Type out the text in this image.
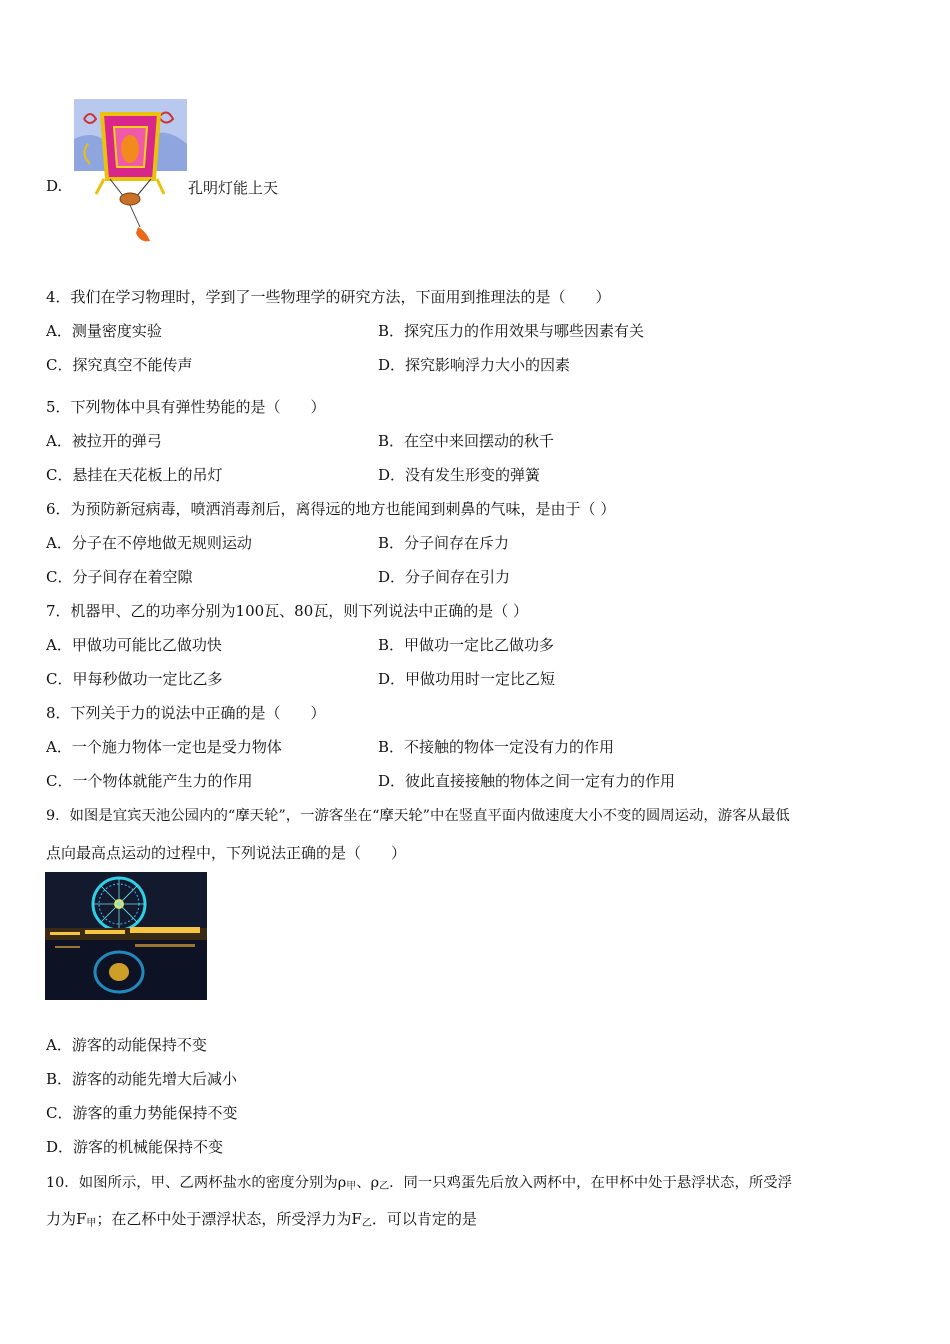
D.	孔明灯能上天
4．我们在学习物理时，学到了一些物理学的研究方法，下面用到推理法的是（　　）
A．测量密度实验	B．探究压力的作用效果与哪些因素有关
C．探究真空不能传声	D．探究影响浮力大小的因素
5．下列物体中具有弹性势能的是（　　）
A．被拉开的弹弓	B．在空中来回摆动的秋千
C．悬挂在天花板上的吊灯	D．没有发生形变的弹簧
6．为预防新冠病毒，喷洒消毒剂后，离得远的地方也能闻到刺鼻的气味，是由于（ ）
A．分子在不停地做无规则运动	B．分子间存在斥力
C．分子间存在着空隙	D．分子间存在引力
7．机器甲、乙的功率分别为100瓦、80瓦，则下列说法中正确的是（ ）
A．甲做功可能比乙做功快	B．甲做功一定比乙做功多
C．甲每秒做功一定比乙多	D．甲做功用时一定比乙短
8．下列关于力的说法中正确的是（　　）
A．一个施力物体一定也是受力物体	B．不接触的物体一定没有力的作用
C．一个物体就能产生力的作用	D．彼此直接接触的物体之间一定有力的作用
9．如图是宜宾天池公园内的“摩天轮”，一游客坐在“摩天轮”中在竖直平面内做速度大小不变的圆周运动，游客从最低
点向最高点运动的过程中，下列说法正确的是（　　）
A．游客的动能保持不变
B．游客的动能先增大后减小
C．游客的重力势能保持不变
D．游客的机械能保持不变
10．如图所示，甲、乙两杯盐水的密度分别为$\rho_甲$、$\rho_乙$．同一只鸡蛋先后放入两杯中，在甲杯中处于悬浮状态，所受浮
力为$F_甲$；在乙杯中处于漂浮状态，所受浮力为$F_乙$．可以肯定的是
